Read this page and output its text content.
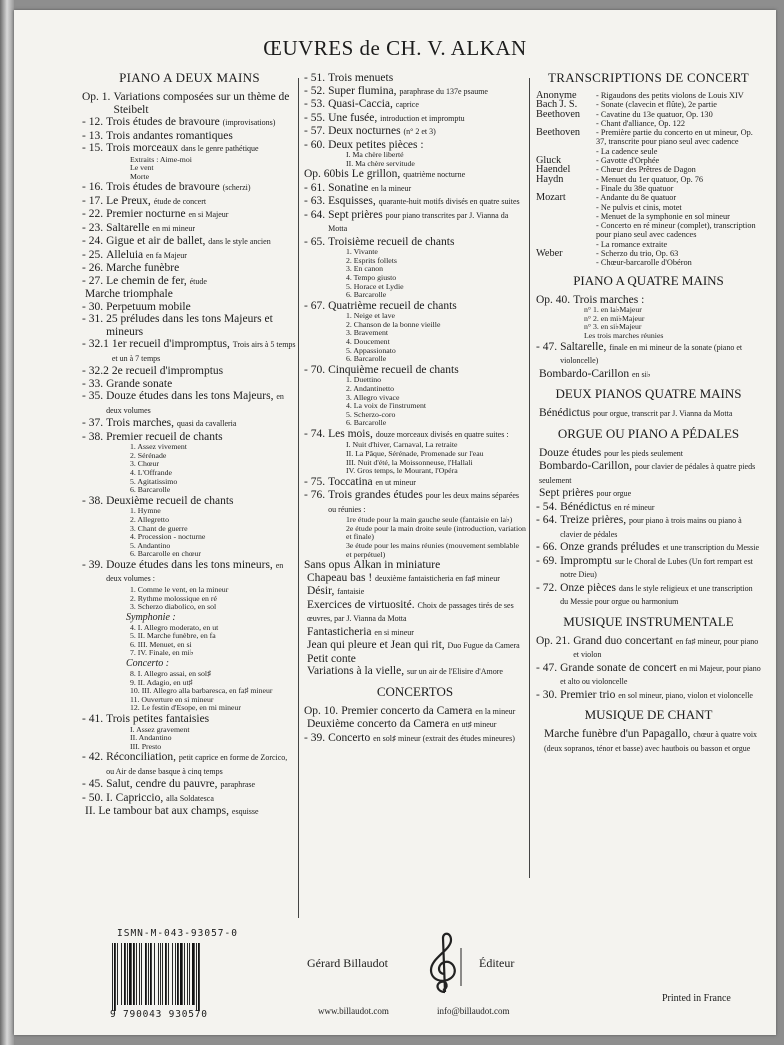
ŒUVRES de CH. V. ALKAN
PIANO A DEUX MAINS
Op. 1. Variations composées sur un thème de Steibelt
- 12. Trois études de bravoure (improvisations)
- 13. Trois andantes romantiques
- 15. Trois morceaux dans le genre pathétique
Extraits : Aime-moi
Le vent
Morte
- 16. Trois études de bravoure (scherzi)
- 17. Le Preux, étude de concert
- 22. Premier nocturne en si Majeur
- 23. Saltarelle en mi mineur
- 24. Gigue et air de ballet, dans le style ancien
- 25. Alleluia en fa Majeur
- 26. Marche funèbre
- 27. Le chemin de fer, étude
Marche triomphale
- 30. Perpetuum mobile
- 31. 25 préludes dans les tons Majeurs et mineurs
- 32.1 1er recueil d'impromptus, Trois airs à 5 temps et un à 7 temps
- 32.2 2e recueil d'impromptus
- 33. Grande sonate
- 35. Douze études dans les tons Majeurs, en deux volumes
- 37. Trois marches, quasi da cavalleria
- 38. Premier recueil de chants
1. Assez vivement
2. Sérénade
3. Chœur
4. L'Offrande
5. Agitatissimo
6. Barcarolle
- 38. Deuxième recueil de chants
1. Hymne
2. Allegretto
3. Chant de guerre
4. Procession - nocturne
5. Andantino
6. Barcarolle en chœur
- 39. Douze études dans les tons mineurs, en deux volumes :
1. Comme le vent, en la mineur
2. Rythme molossique en ré
3. Scherzo diabolico, en sol
Symphonie :
4. I. Allegro moderato, en ut
5. II. Marche funèbre, en fa
6. III. Menuet, en si
7. IV. Finale, en mi♭
Concerto :
8. I. Allegro assai, en sol♯
9. II. Adagio, en ut♯
10. III. Allegro alla barbaresca, en fa♯ mineur
11. Ouverture en si mineur
12. Le festin d'Esope, en mi mineur
- 41. Trois petites fantaisies
I. Assez gravement
II. Andantino
III. Presto
- 42. Réconciliation, petit caprice en forme de Zorcico, ou Air de danse basque à cinq temps
- 45. Salut, cendre du pauvre, paraphrase
- 50. I. Capriccio, alla Soldatesca
II. Le tambour bat aux champs, esquisse
- 51. Trois menuets
- 52. Super flumina, paraphrase du 137e psaume
- 53. Quasi-Caccia, caprice
- 55. Une fusée, introduction et impromptu
- 57. Deux nocturnes (n° 2 et 3)
- 60. Deux petites pièces :
I. Ma chère liberté
II. Ma chère servitude
Op. 60bis Le grillon, quatrième nocturne
- 61. Sonatine en la mineur
- 63. Esquisses, quarante-huit motifs divisés en quatre suites
- 64. Sept prières pour piano transcrites par J. Vianna da Motta
- 65. Troisième recueil de chants
1. Vivante
2. Esprits follets
3. En canon
4. Tempo giusto
5. Horace et Lydie
6. Barcarolle
- 67. Quatrième recueil de chants
1. Neige et lave
2. Chanson de la bonne vieille
3. Bravement
4. Doucement
5. Appassionato
6. Barcarolle
- 70. Cinquième recueil de chants
1. Duettino
2. Andantinetto
3. Allegro vivace
4. La voix de l'instrument
5. Scherzo-coro
6. Barcarolle
- 74. Les mois, douze morceaux divisés en quatre suites :
I. Nuit d'hiver, Carnaval, La retraite
II. La Pâque, Sérénade, Promenade sur l'eau
III. Nuit d'été, la Moissonneuse, l'Hallali
IV. Gros temps, le Mourant, l'Opéra
- 75. Toccatina en ut mineur
- 76. Trois grandes études pour les deux mains séparées ou réunies :
1re étude pour la main gauche seule (fantaisie en la♭)
2e étude pour la main droite seule (introduction, variation et finale)
3e étude pour les mains réunies (mouvement semblable et perpétuel)
Sans opus Alkan in miniature
Chapeau bas ! deuxième fantaisticheria en fa♯ mineur
Désir, fantaisie
Exercices de virtuosité. Choix de passages tirés de ses œuvres, par J. Vianna da Motta
Fantasticheria en si mineur
Jean qui pleure et Jean qui rit, Duo Fugue da Camera
Petit conte
Variations à la vielle, sur un air de l'Elisire d'Amore
CONCERTOS
Op. 10. Premier concerto da Camera en la mineur
Deuxième concerto da Camera en ut♯ mineur
- 39. Concerto en sol♯ mineur (extrait des études mineures)
TRANSCRIPTIONS DE CONCERT
Anonyme	- Rigaudons des petits violons de Louis XIV
Bach J. S.	- Sonate (clavecin et flûte), 2e partie
Beethoven	- Cavatine du 13e quatuor, Op. 130
- Chant d'alliance, Op. 122
Beethoven	- Première partie du concerto en ut mineur, Op. 37, transcrite pour piano seul avec cadence
- La cadence seule
Gluck	- Gavotte d'Orphée
Haendel	- Chœur des Prêtres de Dagon
Haydn	- Menuet du 1er quatuor, Op. 76
- Finale du 38e quatuor
Mozart	- Andante du 8e quatuor
- Ne pulvis et cinis, motet
- Menuet de la symphonie en sol mineur
- Concerto en ré mineur (complet), transcription pour piano seul avec cadences
- La romance extraite
Weber	- Scherzo du trio, Op. 63
- Chœur-barcarolle d'Obéron
PIANO A QUATRE MAINS
Op. 40. Trois marches :
n° 1. en la♭Majeur
n° 2. en mi♭Majeur
n° 3. en si♭Majeur
Les trois marches réunies
- 47. Saltarelle, finale en mi mineur de la sonate (piano et violoncelle)
Bombardo-Carillon en si♭
DEUX PIANOS QUATRE MAINS
Bénédictus pour orgue, transcrit par J. Vianna da Motta
ORGUE OU PIANO A PÉDALES
Douze études pour les pieds seulement
Bombardo-Carillon, pour clavier de pédales à quatre pieds seulement
Sept prières pour orgue
- 54. Bénédictus en ré mineur
- 64. Treize prières, pour piano à trois mains ou piano à clavier de pédales
- 66. Onze grands préludes et une transcription du Messie
- 69. Impromptu sur le Choral de Lubes (Un fort rempart est notre Dieu)
- 72. Onze pièces dans le style religieux et une transcription du Messie pour orgue ou harmonium
MUSIQUE INSTRUMENTALE
Op. 21. Grand duo concertant en fa♯ mineur, pour piano et violon
- 47. Grande sonate de concert en mi Majeur, pour piano et alto ou violoncelle
- 30. Premier trio en sol mineur, piano, violon et violoncelle
MUSIQUE DE CHANT
Marche funèbre d'un Papagallo, chœur à quatre voix (deux sopranos, ténor et basse) avec hautbois ou basson et orgue
ISMN-M-043-93057-0
9 790043 930570
Gérard Billaudot	Éditeur
www.billaudot.com	info@billaudot.com
Printed in France
